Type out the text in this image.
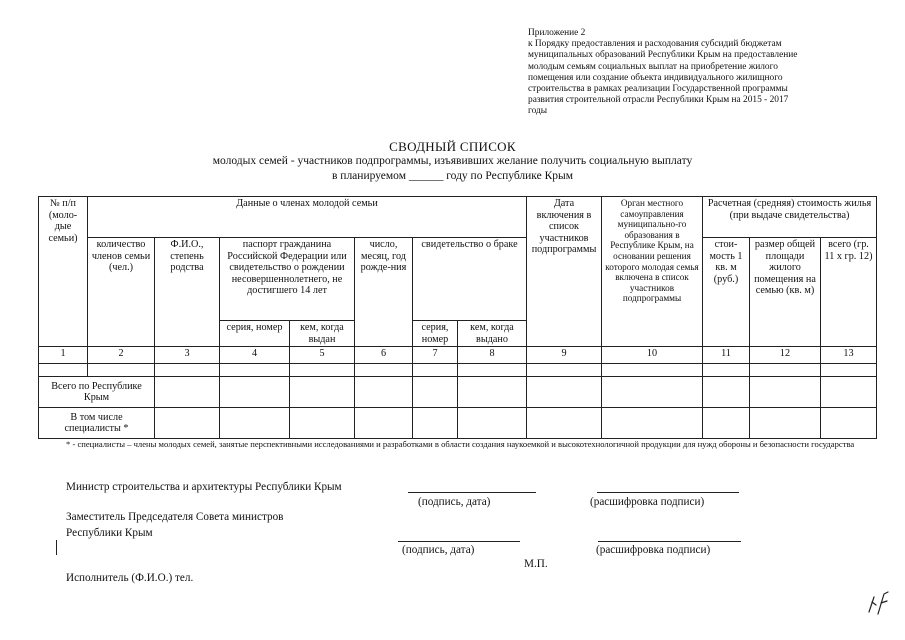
Приложение 2
к Порядку предоставления и расходования субсидий бюджетам
муниципальных образований Республики Крым на предоставление
молодым семьям социальных выплат на приобретение жилого
помещения или создание объекта индивидуального жилищного
строительства в рамках реализации Государственной программы
развития строительной отрасли Республики Крым на 2015 - 2017
годы
СВОДНЫЙ СПИСОК
молодых семей - участников подпрограммы, изъявивших желание получить социальную выплату
в планируемом ______ году по Республике Крым
№ п/п (моло-дые семьи)	Данные о членах молодой семьи							Дата включения в список участников подпрограммы	Орган местного самоуправления муниципально-го образования в Республике Крым, на основании решения которого молодая семья включена в список участников подпрограммы	Расчетная (средняя) стоимость жилья (при выдаче свидетельства)		
	количество членов семьи (чел.)	Ф.И.О., степень родства	паспорт гражданина Российской Федерации или свидетельство о рождении несовершеннолетнего, не достигшего 14 лет		число, месяц, год рожде-ния	свидетельство о браке				стои-мость 1 кв. м (руб.)	размер общей площади жилого помещения на семью (кв. м)	всего (гр. 11 x гр. 12)
			серия, номер	кем, когда выдан		серия, номер	кем, когда выдано					
1	2	3	4	5	6	7	8	9	10	11	12	13

Всего по Республике Крым												
В том числе специалисты *												
* - специалисты – члены молодых семей, занятые перспективными исследованиями и разработками в области создания наукоемкой и высокотехнологичной продукции для нужд обороны и безопасности государства
Министр строительства и архитектуры Республики Крым
(подпись, дата)	(расшифровка подписи)
Заместитель Председателя Совета министров
Республики Крым
(подпись, дата)	(расшифровка подписи)
М.П.
Исполнитель (Ф.И.О.) тел.
